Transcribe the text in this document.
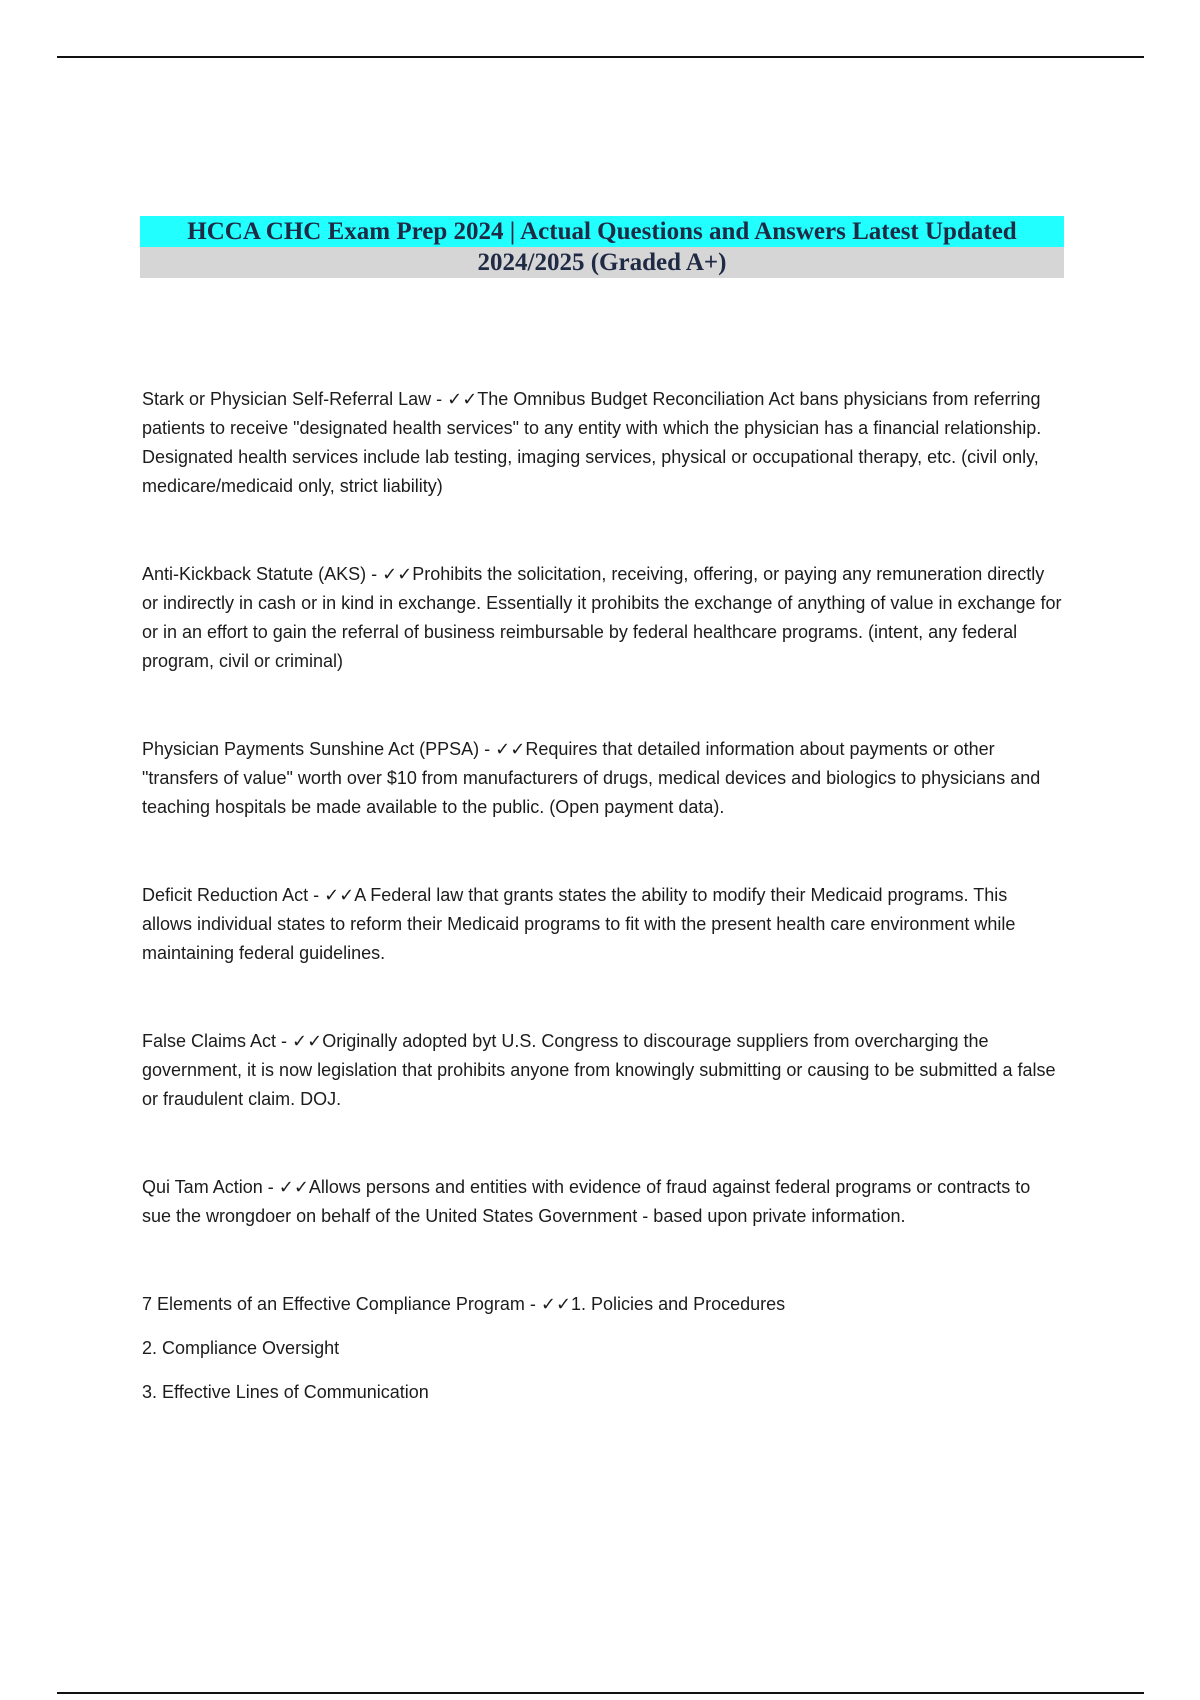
HCCA CHC Exam Prep 2024 | Actual Questions and Answers Latest Updated
2024/2025 (Graded A+)
Stark or Physician Self-Referral Law - ✓✓The Omnibus Budget Reconciliation Act bans physicians from referring patients to receive "designated health services" to any entity with which the physician has a financial relationship. Designated health services include lab testing, imaging services, physical or occupational therapy, etc. (civil only, medicare/medicaid only, strict liability)
Anti-Kickback Statute (AKS) - ✓✓Prohibits the solicitation, receiving, offering, or paying any remuneration directly or indirectly in cash or in kind in exchange. Essentially it prohibits the exchange of anything of value in exchange for or in an effort to gain the referral of business reimbursable by federal healthcare programs. (intent, any federal program, civil or criminal)
Physician Payments Sunshine Act (PPSA) - ✓✓Requires that detailed information about payments or other "transfers of value" worth over $10 from manufacturers of drugs, medical devices and biologics to physicians and teaching hospitals be made available to the public. (Open payment data).
Deficit Reduction Act - ✓✓A Federal law that grants states the ability to modify their Medicaid programs. This allows individual states to reform their Medicaid programs to fit with the present health care environment while maintaining federal guidelines.
False Claims Act - ✓✓Originally adopted byt U.S. Congress to discourage suppliers from overcharging the government, it is now legislation that prohibits anyone from knowingly submitting or causing to be submitted a false or fraudulent claim. DOJ.
Qui Tam Action - ✓✓Allows persons and entities with evidence of fraud against federal programs or contracts to sue the wrongdoer on behalf of the United States Government - based upon private information.
7 Elements of an Effective Compliance Program - ✓✓1. Policies and Procedures
2. Compliance Oversight
3. Effective Lines of Communication
